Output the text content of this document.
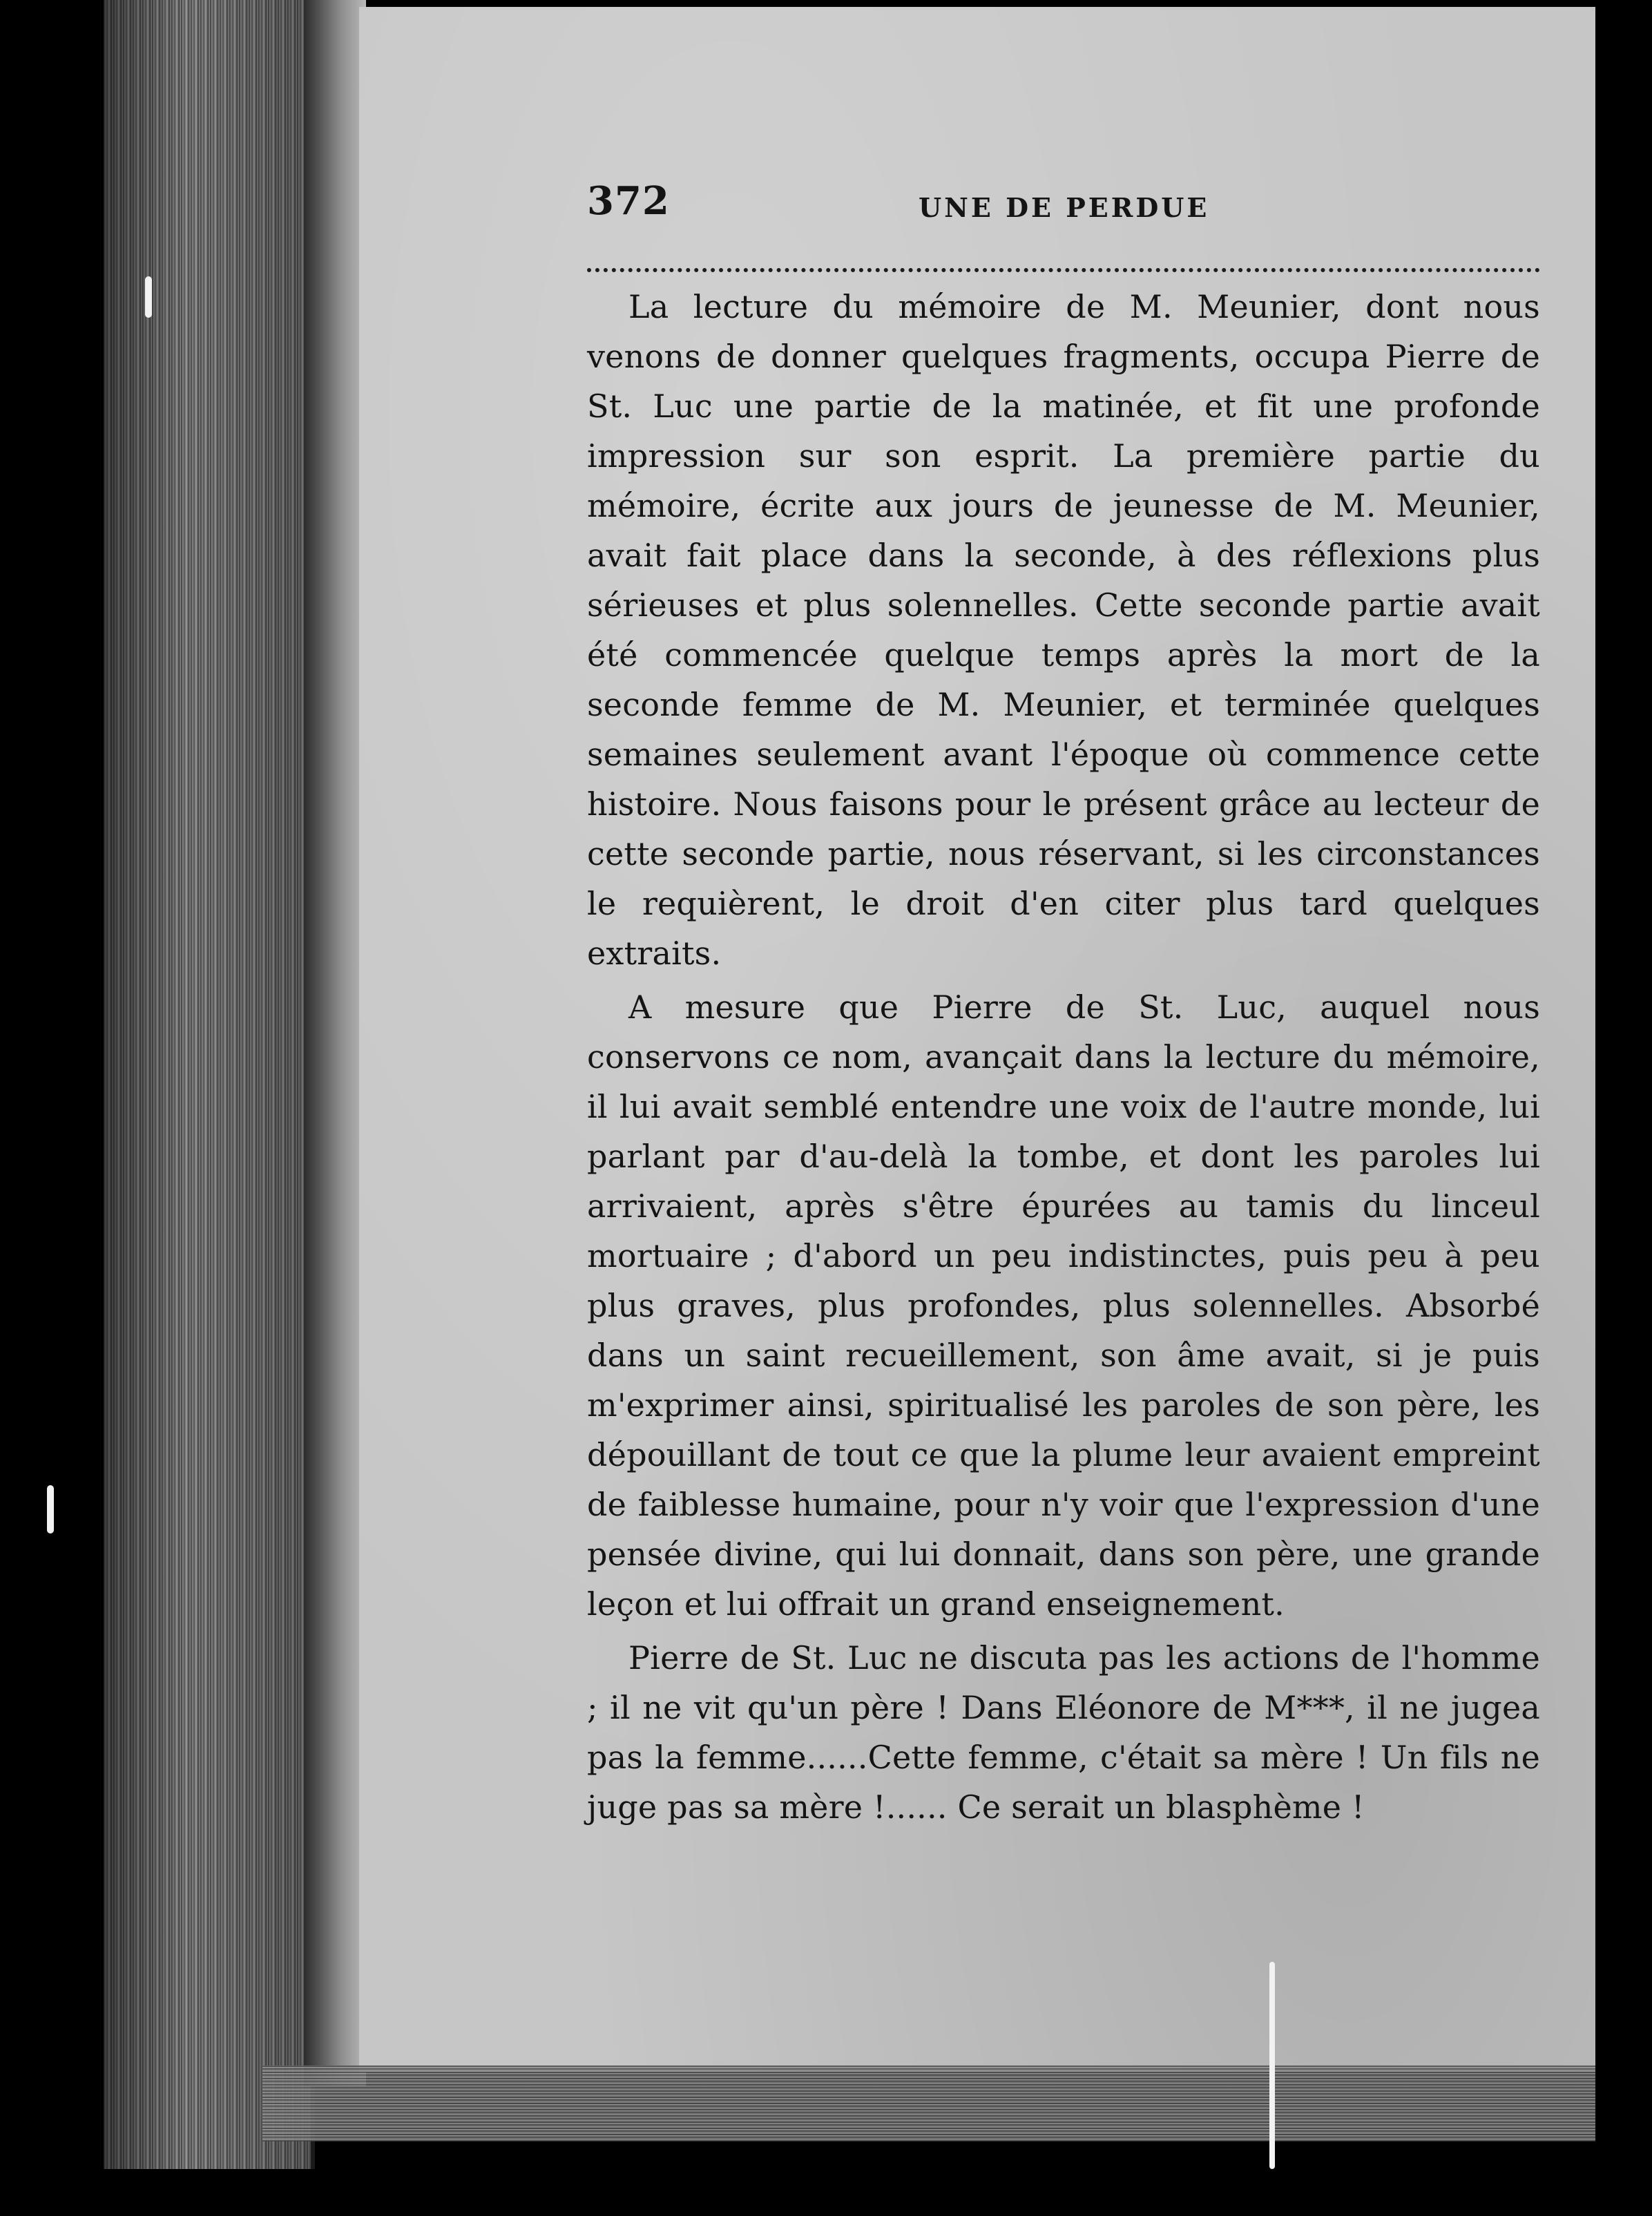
372	UNE DE PERDUE

La lecture du mémoire de M. Meunier, dont nous venons de donner quelques fragments, occupa Pierre de St. Luc une partie de la matinée, et fit une profonde impression sur son esprit. La première partie du mémoire, écrite aux jours de jeunesse de M. Meunier, avait fait place dans la seconde, à des réflexions plus sérieuses et plus solennelles. Cette seconde partie avait été commencée quelque temps après la mort de la seconde femme de M. Meunier, et terminée quelques semaines seulement avant l'époque où commence cette histoire. Nous faisons pour le présent grâce au lecteur de cette seconde partie, nous réservant, si les circonstances le requièrent, le droit d'en citer plus tard quelques extraits.

A mesure que Pierre de St. Luc, auquel nous conservons ce nom, avançait dans la lecture du mémoire, il lui avait semblé entendre une voix de l'autre monde, lui parlant par d'au-delà la tombe, et dont les paroles lui arrivaient, après s'être épurées au tamis du linceul mortuaire ; d'abord un peu indistinctes, puis peu à peu plus graves, plus profondes, plus solennelles. Absorbé dans un saint recueillement, son âme avait, si je puis m'exprimer ainsi, spiritualisé les paroles de son père, les dépouillant de tout ce que la plume leur avaient empreint de faiblesse humaine, pour n'y voir que l'expression d'une pensée divine, qui lui donnait, dans son père, une grande leçon et lui offrait un grand enseignement.

Pierre de St. Luc ne discuta pas les actions de l'homme ; il ne vit qu'un père ! Dans Eléonore de M***, il ne jugea pas la femme......Cette femme, c'était sa mère ! Un fils ne juge pas sa mère !...... Ce serait un blasphème !
